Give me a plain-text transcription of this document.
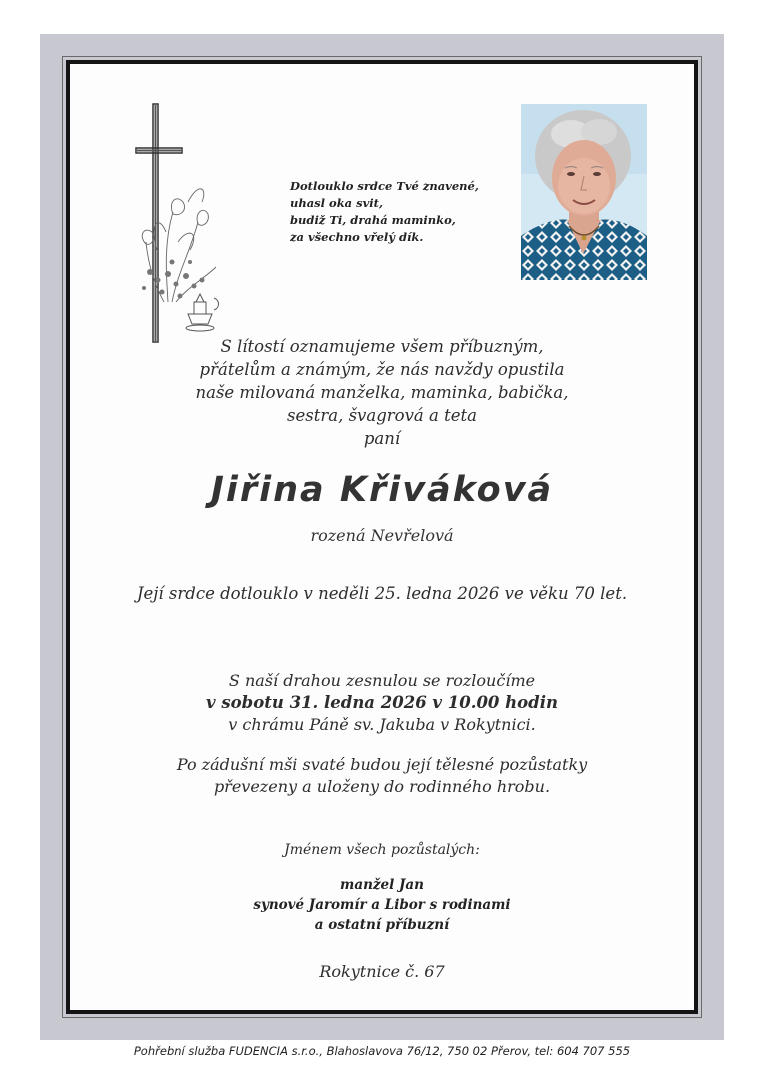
Dotlouklo srdce Tvé znavené,
uhasl oka svit,
budiž Ti, drahá maminko,
za všechno vřelý dík.
S lítostí oznamujeme všem příbuzným,
přátelům a známým, že nás navždy opustila
naše milovaná manželka, maminka, babička,
sestra, švagrová a teta
paní
Jiřina Křiváková
rozená Nevřelová
Její srdce dotlouklo v neděli 25. ledna 2026 ve věku 70 let.
S naší drahou zesnulou se rozloučíme
v sobotu 31. ledna 2026 v 10.00 hodin
v chrámu Páně sv. Jakuba v Rokytnici.
Po zádušní mši svaté budou její tělesné pozůstatky
převezeny a uloženy do rodinného hrobu.
Jménem všech pozůstalých:
manžel Jan
synové Jaromír a Libor s rodinami
a ostatní příbuzní
Rokytnice č. 67
Pohřební služba FUDENCIA s.r.o., Blahoslavova 76/12, 750 02 Přerov, tel: 604 707 555
